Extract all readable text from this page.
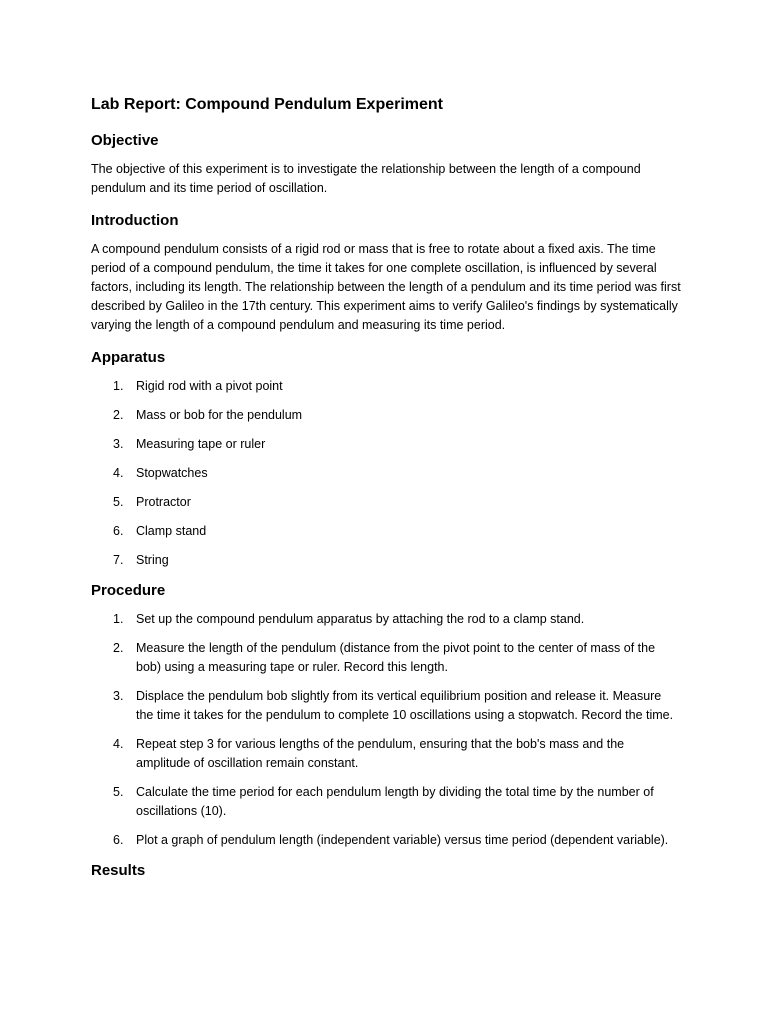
Lab Report: Compound Pendulum Experiment
Objective

The objective of this experiment is to investigate the relationship between the length of a compound pendulum and its time period of oscillation.

Introduction

A compound pendulum consists of a rigid rod or mass that is free to rotate about a fixed axis. The time period of a compound pendulum, the time it takes for one complete oscillation, is influenced by several factors, including its length. The relationship between the length of a pendulum and its time period was first described by Galileo in the 17th century. This experiment aims to verify Galileo's findings by systematically varying the length of a compound pendulum and measuring its time period.

Apparatus
1. Rigid rod with a pivot point
2. Mass or bob for the pendulum
3. Measuring tape or ruler
4. Stopwatches
5. Protractor
6. Clamp stand
7. String
Procedure
1. Set up the compound pendulum apparatus by attaching the rod to a clamp stand.
2. Measure the length of the pendulum (distance from the pivot point to the center of mass of the bob) using a measuring tape or ruler. Record this length.
3. Displace the pendulum bob slightly from its vertical equilibrium position and release it. Measure the time it takes for the pendulum to complete 10 oscillations using a stopwatch. Record the time.
4. Repeat step 3 for various lengths of the pendulum, ensuring that the bob's mass and the amplitude of oscillation remain constant.
5. Calculate the time period for each pendulum length by dividing the total time by the number of oscillations (10).
6. Plot a graph of pendulum length (independent variable) versus time period (dependent variable).
Results
